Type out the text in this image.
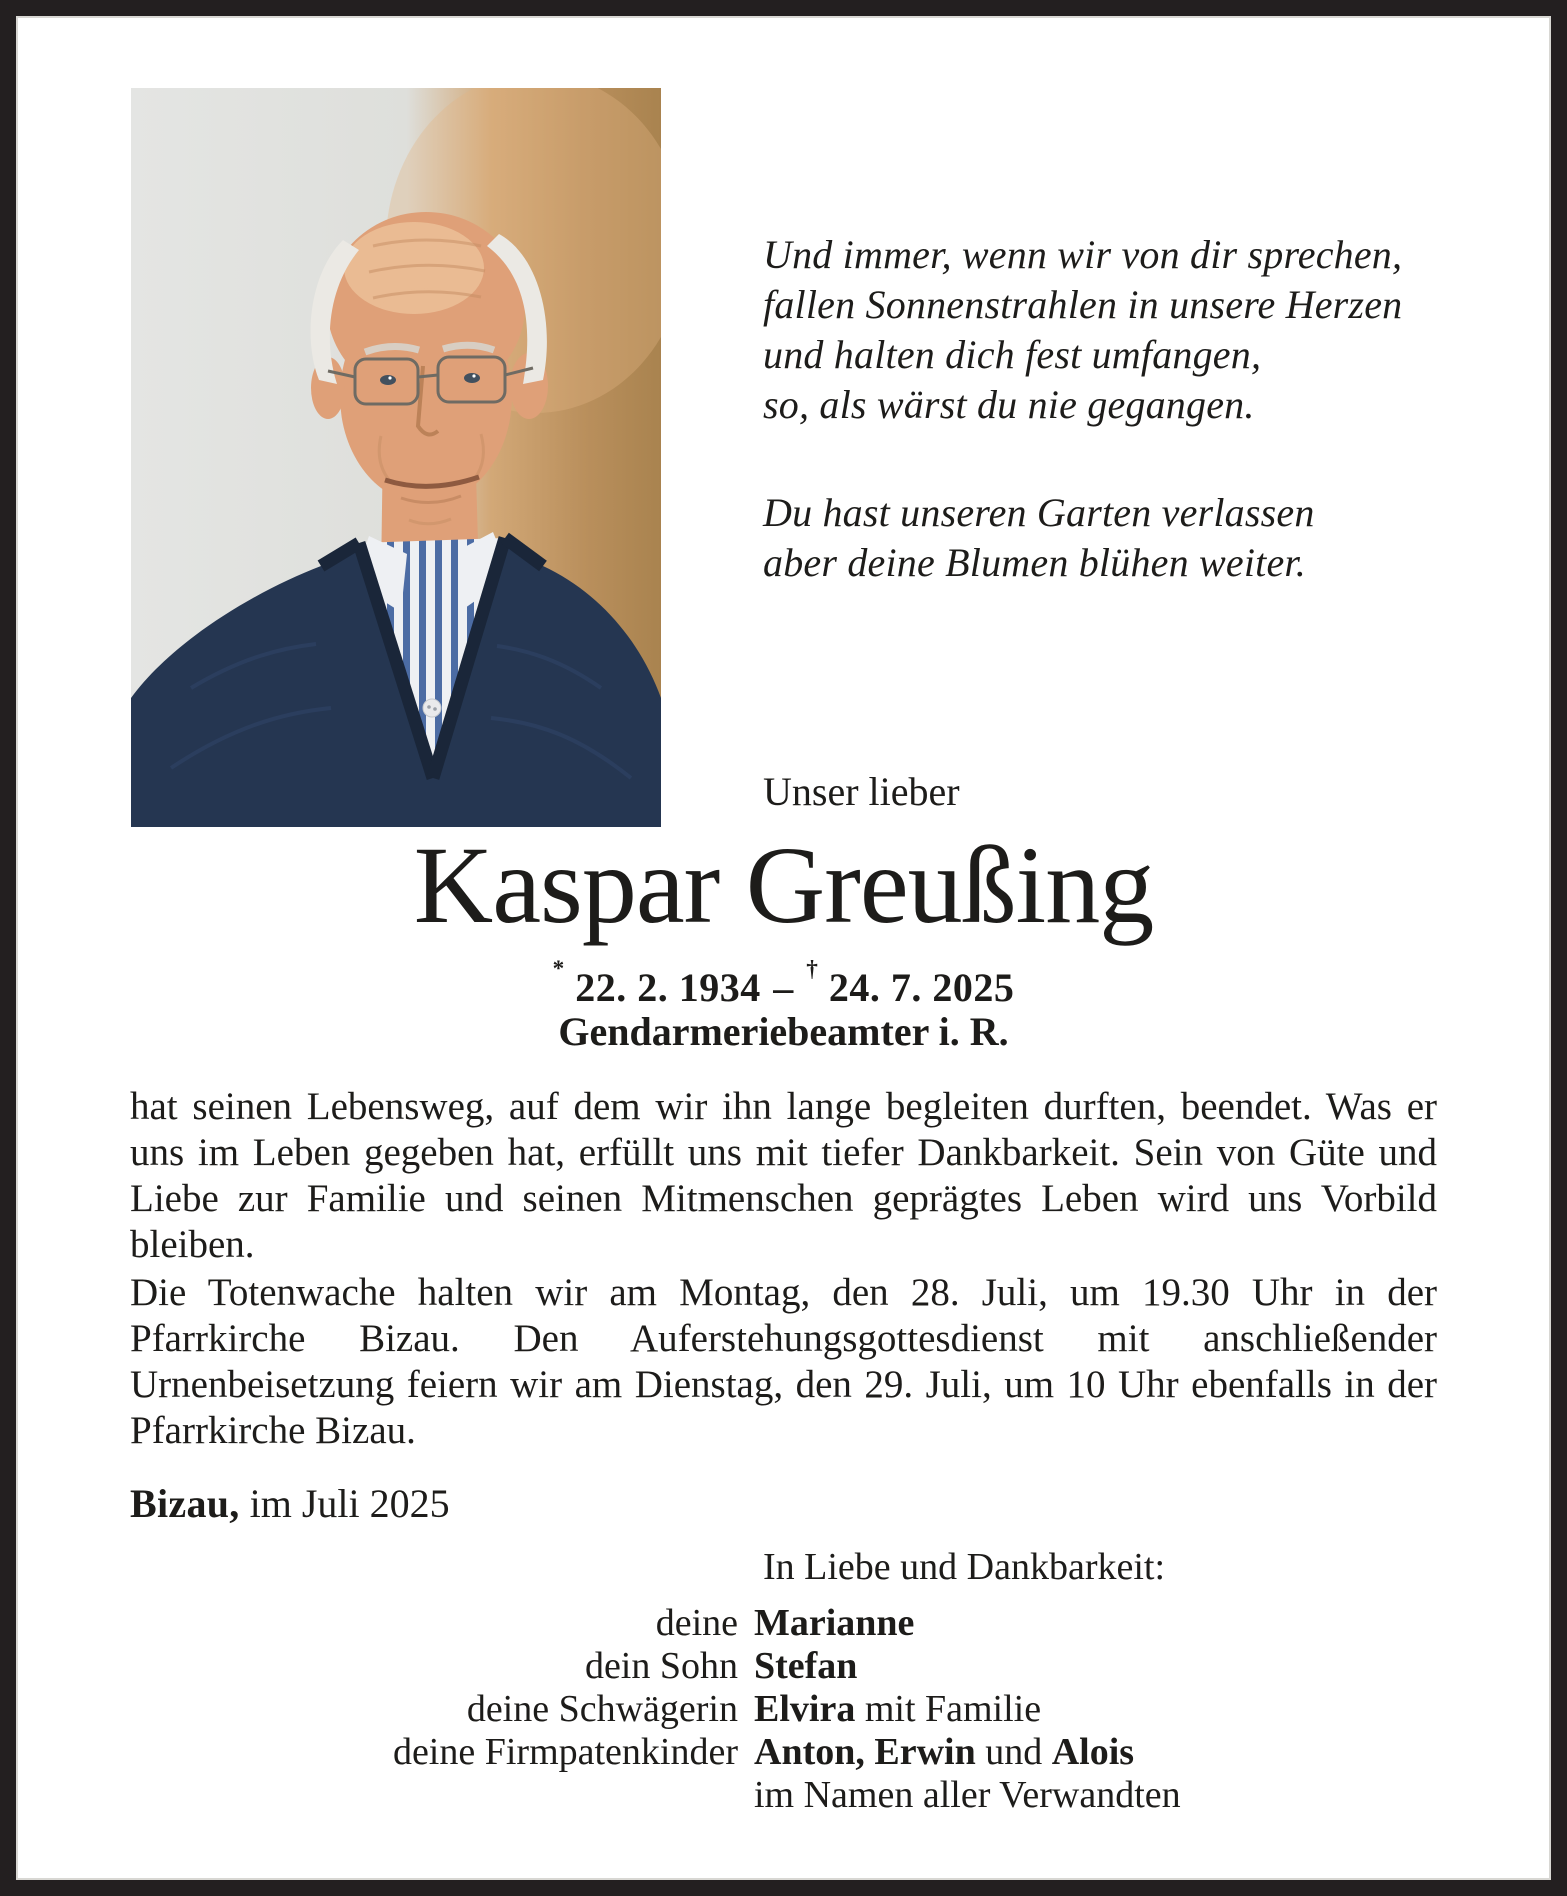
Und immer, wenn wir von dir sprechen,
fallen Sonnenstrahlen in unsere Herzen
und halten dich fest umfangen,
so, als wärst du nie gegangen.
Du hast unseren Garten verlassen
aber deine Blumen blühen weiter.
Unser lieber
Kaspar Greußing
* 22. 2. 1934 – † 24. 7. 2025
Gendarmeriebeamter i. R.
hat seinen Lebensweg, auf dem wir ihn lange begleiten durften, beendet. Was er uns im Leben gegeben hat, erfüllt uns mit tiefer Dankbarkeit. Sein von Güte und Liebe zur Familie und seinen Mitmenschen geprägtes Leben wird uns Vorbild bleiben.
Die Totenwache halten wir am Montag, den 28. Juli, um 19.30 Uhr in der Pfarrkirche Bizau. Den Auferstehungsgottesdienst mit anschließender Urnenbeisetzung feiern wir am Dienstag, den 29. Juli, um 10 Uhr ebenfalls in der Pfarrkirche Bizau.
Bizau, im Juli 2025
In Liebe und Dankbarkeit:
deine Marianne
dein Sohn Stefan
deine Schwägerin Elvira mit Familie
deine Firmpatenkinder Anton, Erwin und Alois
im Namen aller Verwandten
